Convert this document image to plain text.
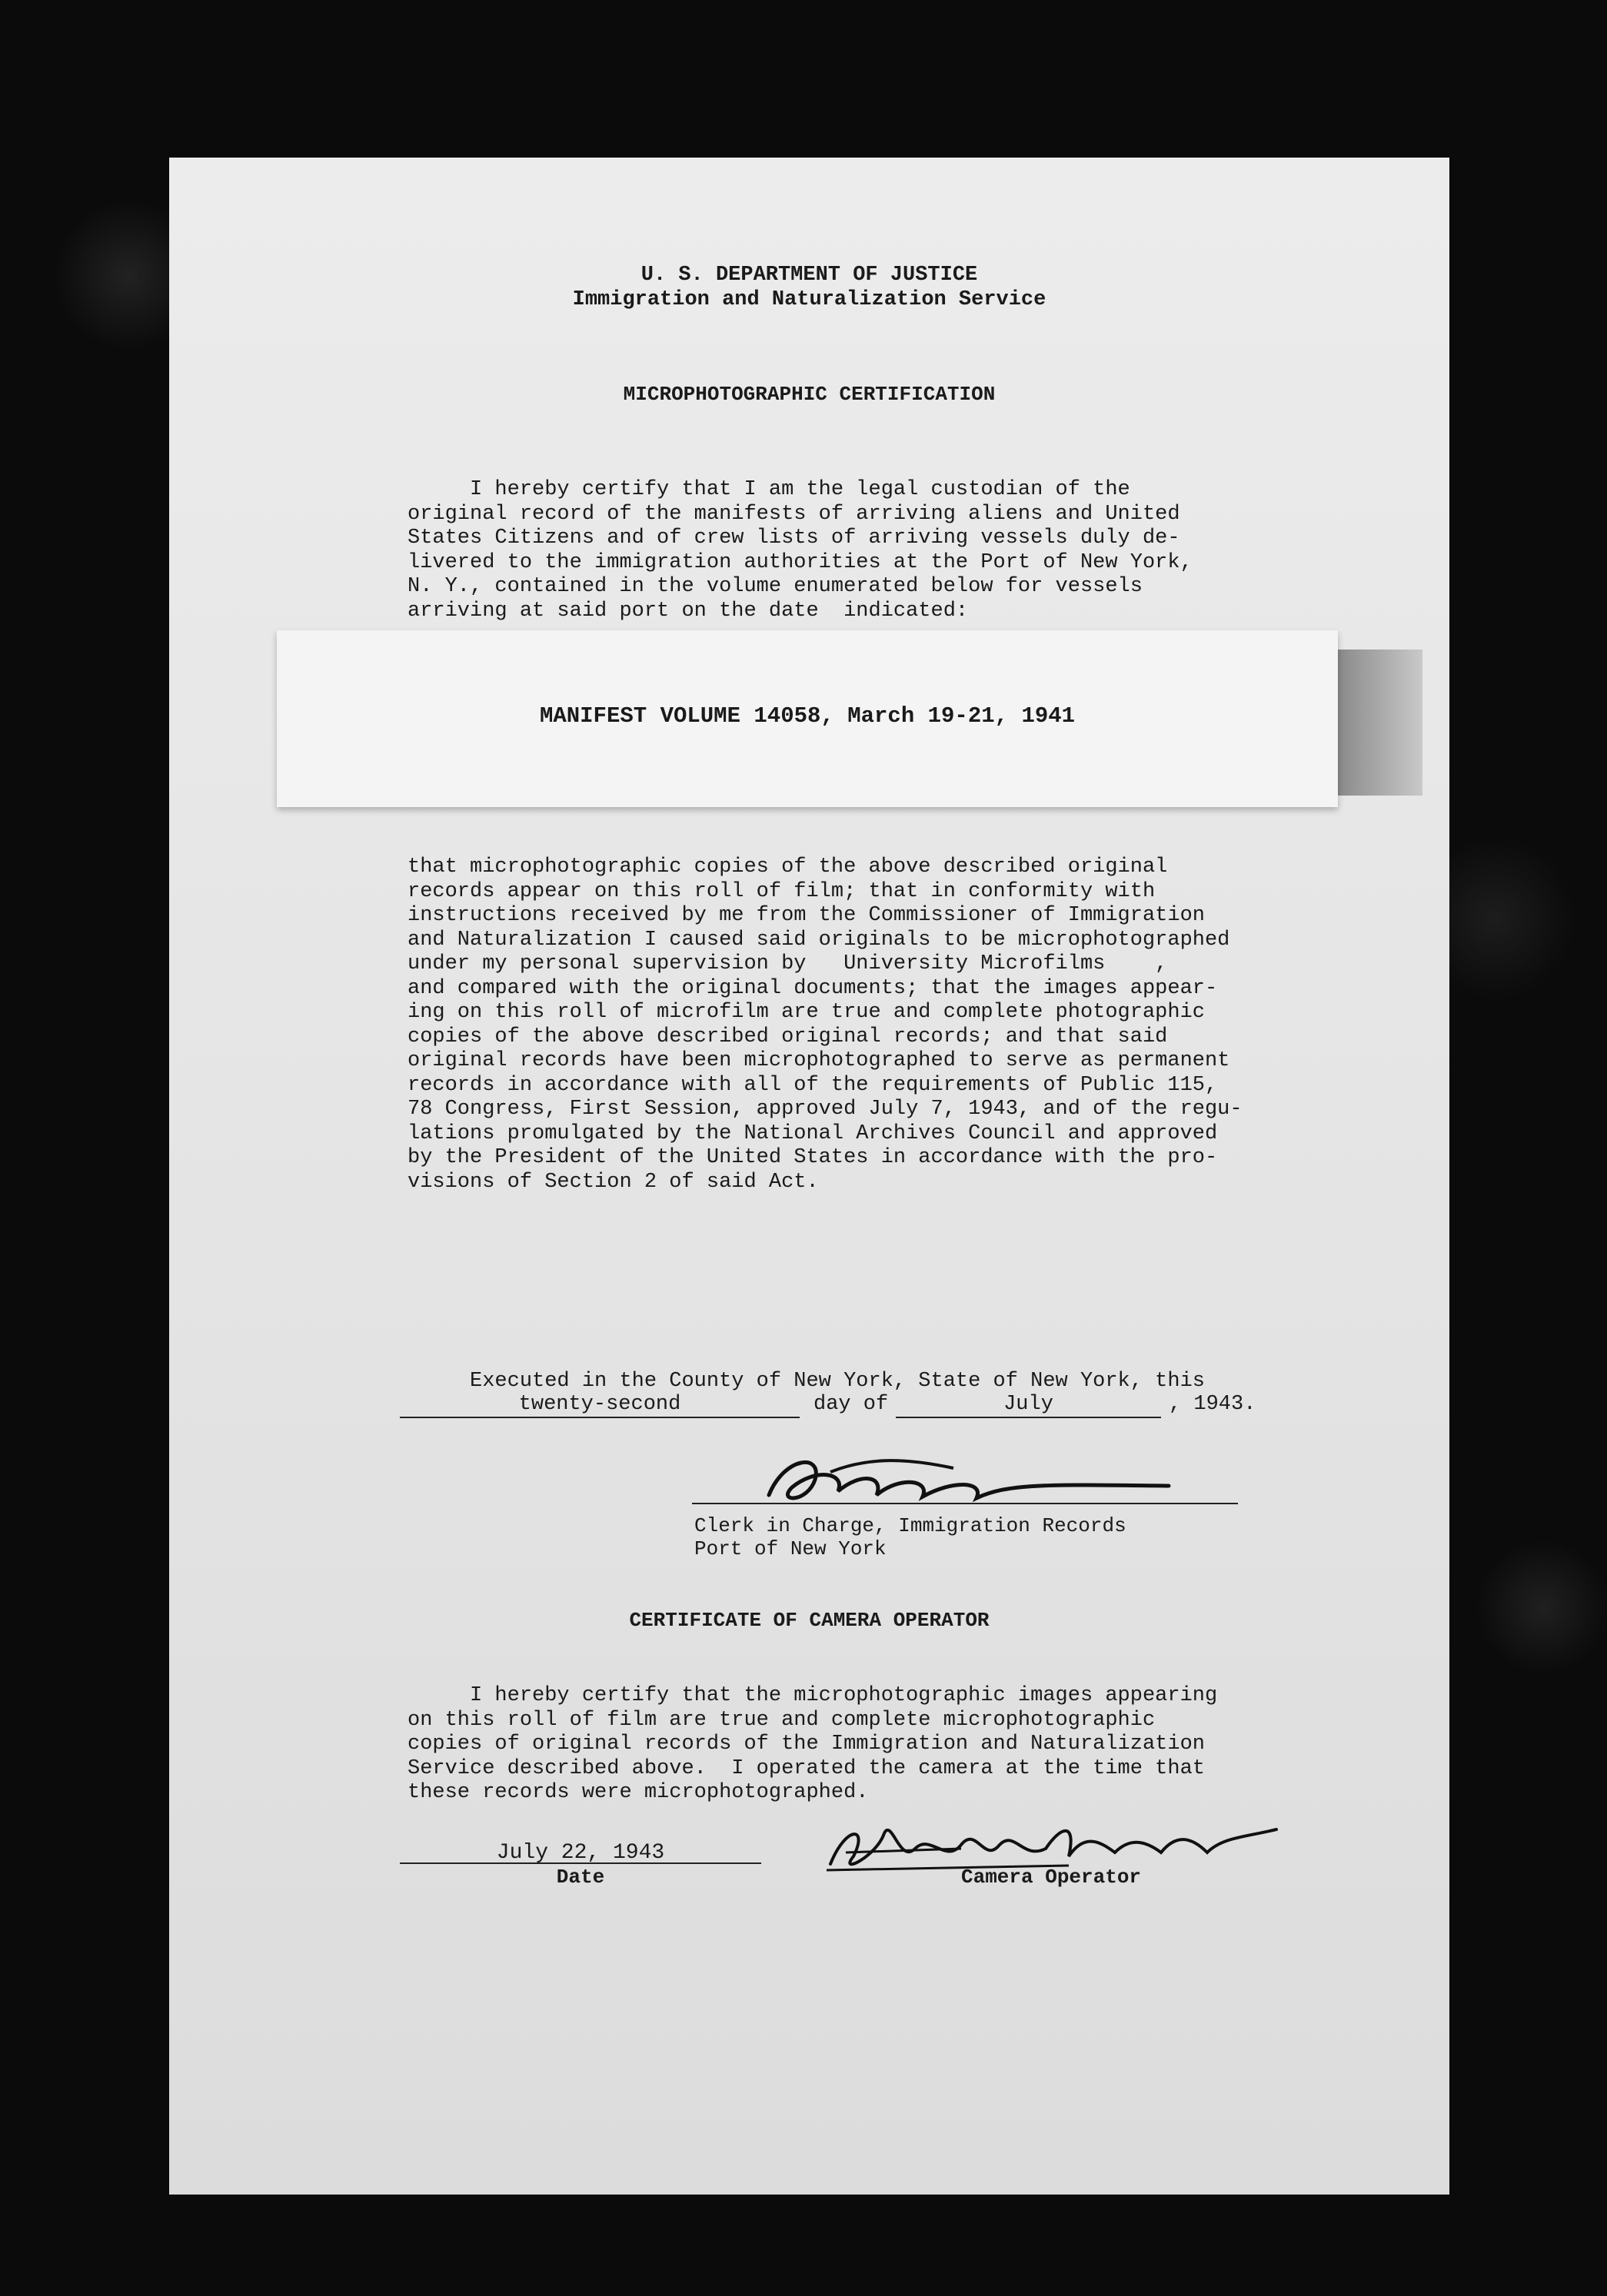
U. S. DEPARTMENT OF JUSTICE
Immigration and Naturalization Service
MICROPHOTOGRAPHIC CERTIFICATION
I hereby certify that I am the legal custodian of the
original record of the manifests of arriving aliens and United
States Citizens and of crew lists of arriving vessels duly de-
livered to the immigration authorities at the Port of New York,
N. Y., contained in the volume enumerated below for vessels
arriving at said port on the date  indicated:
MANIFEST VOLUME 14058, March 19-21, 1941
that microphotographic copies of the above described original
records appear on this roll of film; that in conformity with
instructions received by me from the Commissioner of Immigration
and Naturalization I caused said originals to be microphotographed
under my personal supervision by   University Microfilms    ,
and compared with the original documents; that the images appear-
ing on this roll of microfilm are true and complete photographic
copies of the above described original records; and that said
original records have been microphotographed to serve as permanent
records in accordance with all of the requirements of Public 115,
78 Congress, First Session, approved July 7, 1943, and of the regu-
lations promulgated by the National Archives Council and approved
by the President of the United States in accordance with the pro-
visions of Section 2 of said Act.
Executed in the County of New York, State of New York, this
twenty-second	day of	July	, 1943.
Clerk in Charge, Immigration Records
Port of New York
CERTIFICATE OF CAMERA OPERATOR
I hereby certify that the microphotographic images appearing
on this roll of film are true and complete microphotographic
copies of original records of the Immigration and Naturalization
Service described above.  I operated the camera at the time that
these records were microphotographed.
July 22, 1943
Date	Camera Operator
